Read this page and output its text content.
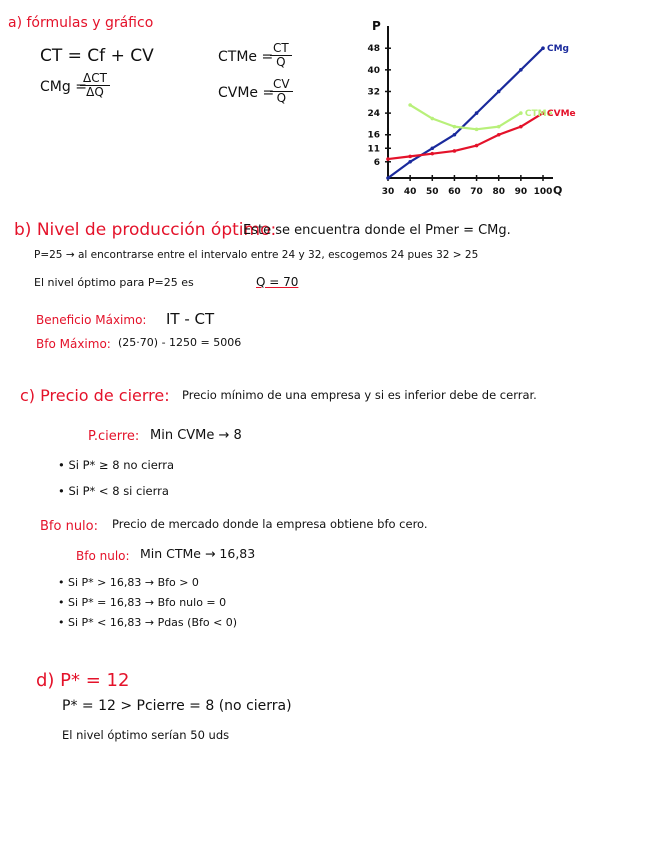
a) fórmulas y gráfico
CT = Cf + CV
CMg =
ΔCT
ΔQ
CTMe =
$\frac{CT}{Q}$
CVMe =
$\frac{CV}{Q}$
30 40 50 60 70 80 90 100
6
11
16
24
32
40
48
P
Q
CMg
CTMe
CVMe
b) Nivel de producción óptimo:
Este se encuentra donde el Pmer = CMg.
P=25 → al encontrarse entre el intervalo entre 24 y 32, escogemos 24 pues 32 > 25
El nivel óptimo para P=25 es	Q = 70
Beneficio Máximo: IT - CT
Bfo Máximo: (25·70) - 1250 = 5006
c) Precio de cierre: Precio mínimo de una empresa y si es inferior debe de cerrar.
P.cierre: Min CVMe → 8
• Si P* ≥ 8 no cierra
• Si P* < 8 si cierra
Bfo nulo: Precio de mercado donde la empresa obtiene bfo cero.
Bfo nulo: Min CTMe → 16,83
• Si P* > 16,83 → Bfo > 0
• Si P* = 16,83 → Bfo nulo = 0
• Si P* < 16,83 → Pdas (Bfo < 0)
d) P* = 12
P* = 12 > Pcierre = 8 (no cierra)
El nivel óptimo serían 50 uds
